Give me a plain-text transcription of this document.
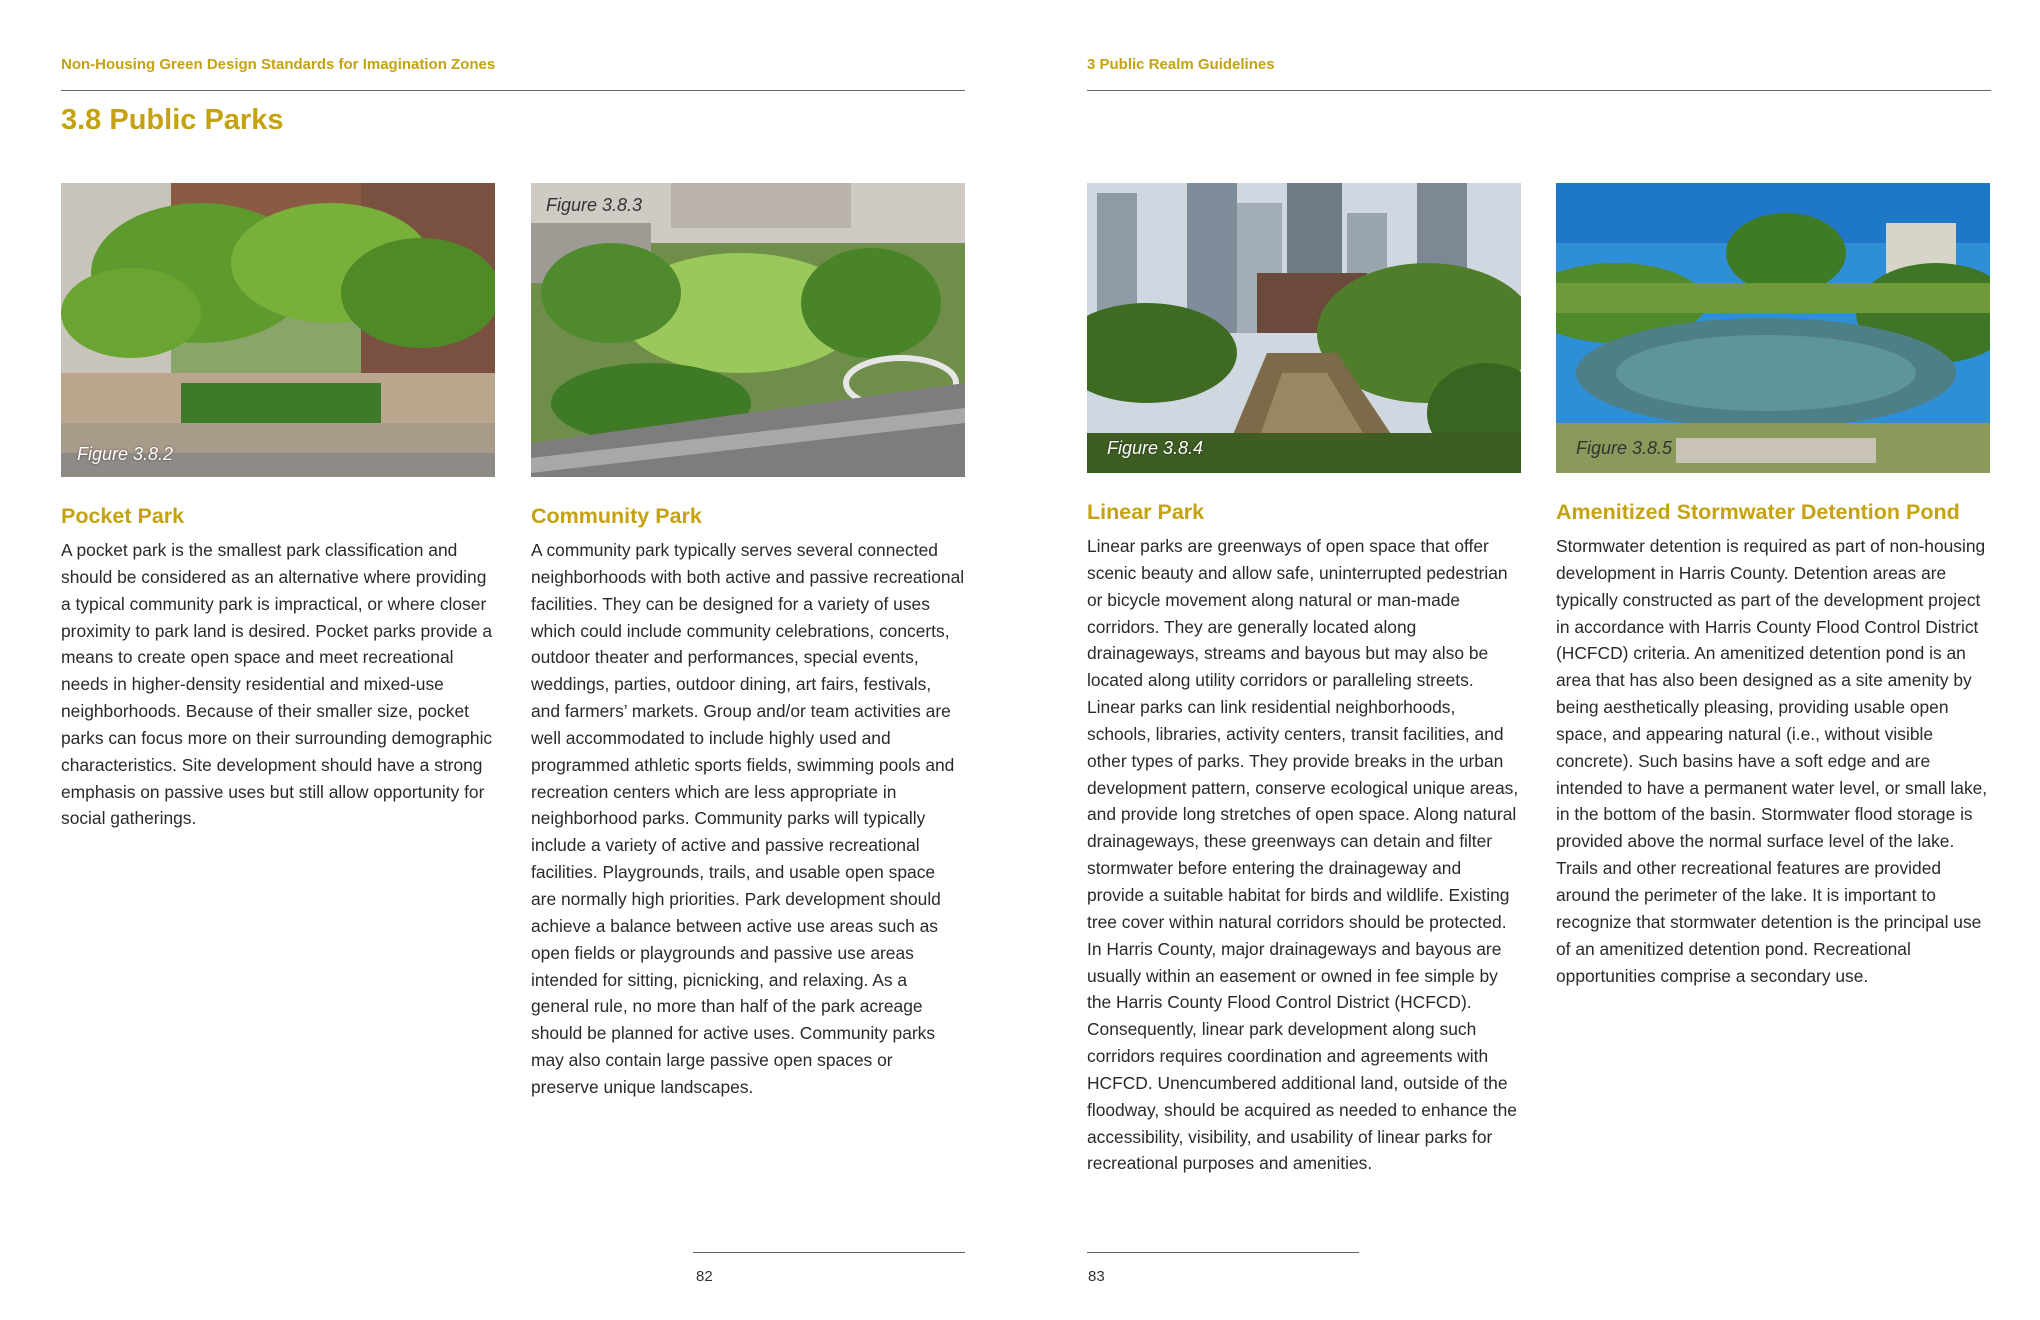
Non-Housing Green Design Standards for Imagination Zones	3 Public Realm Guidelines
3.8 Public Parks
Figure 3.8.2
Pocket Park

A pocket park is the smallest park classification and should be considered as an alternative where providing a typical community park is impractical, or where closer proximity to park land is desired. Pocket parks provide a means to create open space and meet recreational needs in higher-density residential and mixed-use neighborhoods. Because of their smaller size, pocket parks can focus more on their surrounding demographic characteristics. Site development should have a strong emphasis on passive uses but still allow opportunity for social gatherings.

Figure 3.8.3
Community Park

A community park typically serves several connected neighborhoods with both active and passive recreational facilities. They can be designed for a variety of uses which could include community celebrations, concerts, outdoor theater and performances, special events, weddings, parties, outdoor dining, art fairs, festivals, and farmers’ markets. Group and/or team activities are well accommodated to include highly used and programmed athletic sports fields, swimming pools and recreation centers which are less appropriate in neighborhood parks. Community parks will typically include a variety of active and passive recreational facilities. Playgrounds, trails, and usable open space are normally high priorities. Park development should achieve a balance between active use areas such as open fields or playgrounds and passive use areas intended for sitting, picnicking, and relaxing. As a general rule, no more than half of the park acreage should be planned for active uses. Community parks may also contain large passive open spaces or preserve unique landscapes.

Figure 3.8.4
Linear Park

Linear parks are greenways of open space that offer scenic beauty and allow safe, uninterrupted pedestrian or bicycle movement along natural or man-made corridors. They are generally located along drainageways, streams and bayous but may also be located along utility corridors or paralleling streets. Linear parks can link residential neighborhoods, schools, libraries, activity centers, transit facilities, and other types of parks. They provide breaks in the urban development pattern, conserve ecological unique areas, and provide long stretches of open space. Along natural drainageways, these greenways can detain and filter stormwater before entering the drainageway and provide a suitable habitat for birds and wildlife. Existing tree cover within natural corridors should be protected. In Harris County, major drainageways and bayous are usually within an easement or owned in fee simple by the Harris County Flood Control District (HCFCD). Consequently, linear park development along such corridors requires coordination and agreements with HCFCD. Unencumbered additional land, outside of the floodway, should be acquired as needed to enhance the accessibility, visibility, and usability of linear parks for recreational purposes and amenities.

Figure 3.8.5
Amenitized Stormwater Detention Pond

Stormwater detention is required as part of non-housing development in Harris County. Detention areas are typically constructed as part of the development project in accordance with Harris County Flood Control District (HCFCD) criteria. An amenitized detention pond is an area that has also been designed as a site amenity by being aesthetically pleasing, providing usable open space, and appearing natural (i.e., without visible concrete). Such basins have a soft edge and are intended to have a permanent water level, or small lake, in the bottom of the basin. Stormwater flood storage is provided above the normal surface level of the lake. Trails and other recreational features are provided around the perimeter of the lake. It is important to recognize that stormwater detention is the principal use of an amenitized detention pond. Recreational opportunities comprise a secondary use.

82	83
